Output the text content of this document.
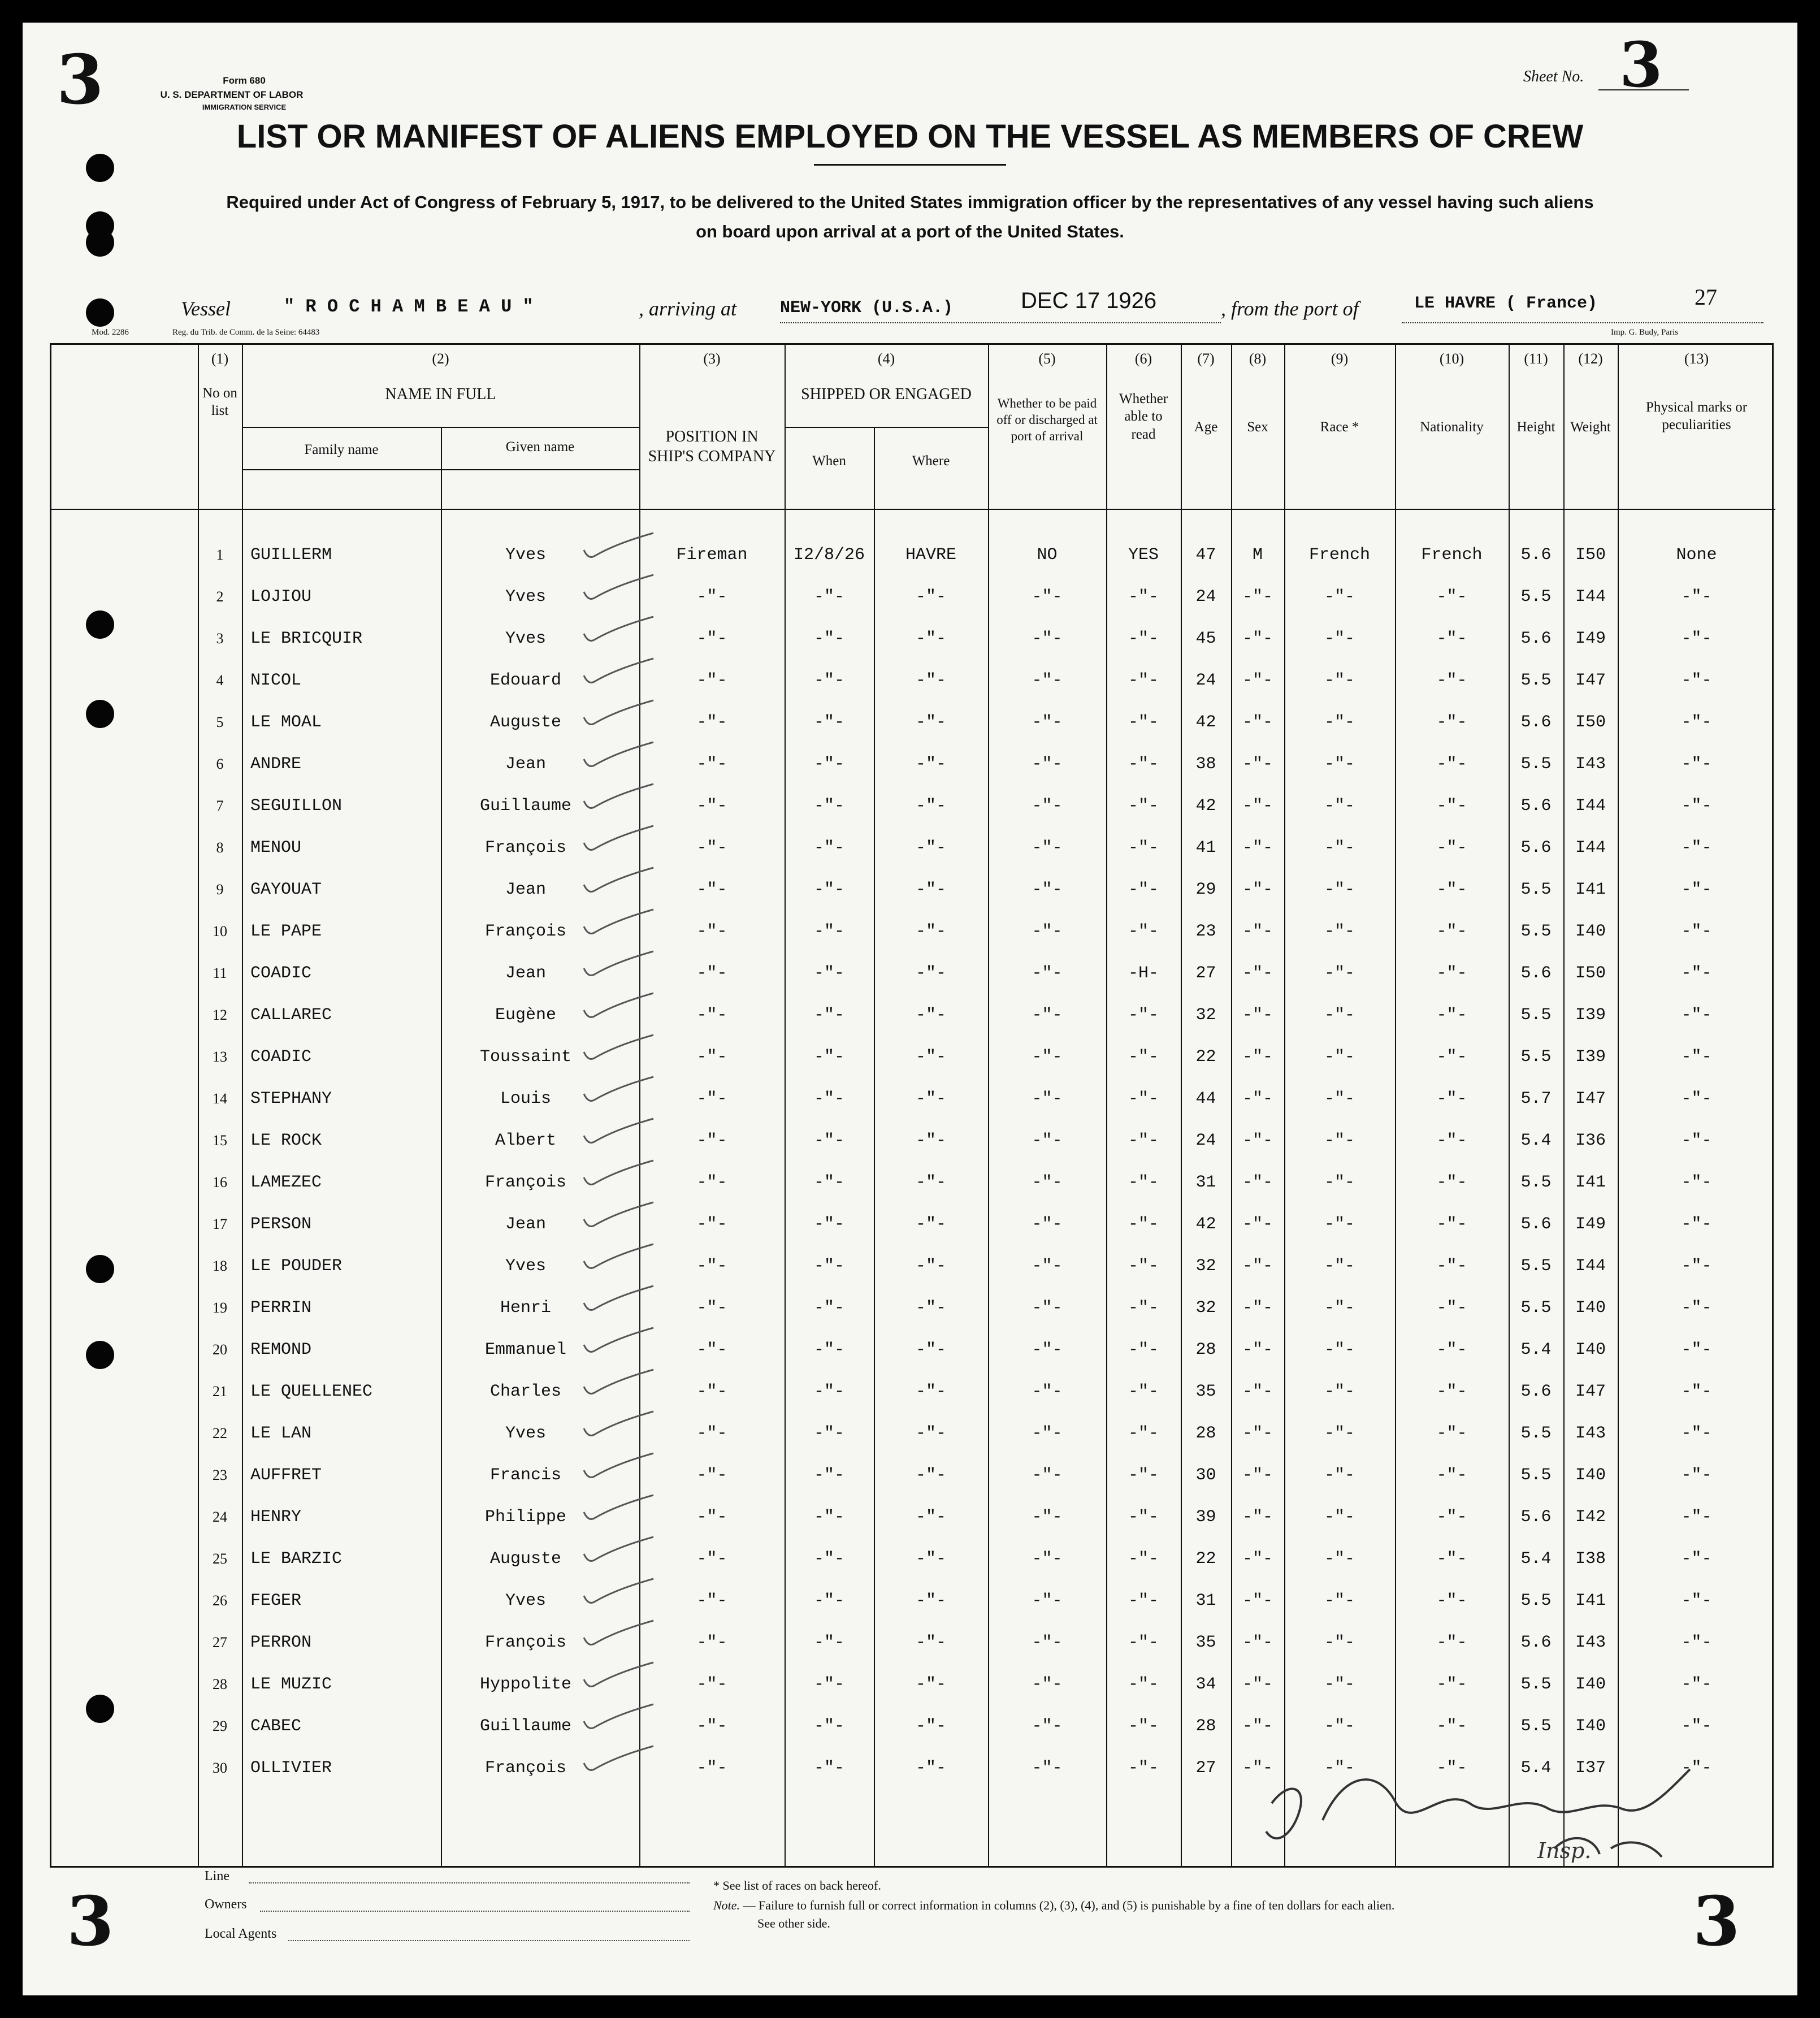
3
3	3
Form 680
U. S. DEPARTMENT OF LABOR
IMMIGRATION SERVICE
Sheet No. 3
LIST OR MANIFEST OF ALIENS EMPLOYED ON THE VESSEL AS MEMBERS OF CREW
Required under Act of Congress of February 5, 1917, to be delivered to the United States immigration officer by the representatives of any vessel having such aliens
on board upon arrival at a port of the United States.
Vessel	" R O C H A M B E A U "	, arriving at	NEW-YORK (U.S.A.)	DEC 17 1926	, from the port of	LE HAVRE ( France)	27
Mod. 2286	Reg. du Trib. de Comm. de la Seine: 64483	Imp. G. Budy, Paris
(1)	(2)	(3)	(4)	(5)	(6)	(7)	(8)	(9)	(10)	(11)	(12)	(13)
No on list
NAME IN FULL
Family name	Given name
POSITION IN SHIP'S COMPANY
SHIPPED OR ENGAGED
When	Where
Whether to be paid off or discharged at port of arrival
Whether able to read	Age	Sex	Race *	Nationality	Height	Weight
Physical marks or peculiarities
1	GUILLERM	Yves	Fireman	I2/8/26	HAVRE	NO	YES	47	M	French	French	5.6	I50	None
2	LOJIOU	Yves	-"-	-"-	-"-	-"-	-"-	24	-"-	-"-	-"-	5.5	I44	-"-
3	LE BRICQUIR	Yves	-"-	-"-	-"-	-"-	-"-	45	-"-	-"-	-"-	5.6	I49	-"-
4	NICOL	Edouard	-"-	-"-	-"-	-"-	-"-	24	-"-	-"-	-"-	5.5	I47	-"-
5	LE MOAL	Auguste	-"-	-"-	-"-	-"-	-"-	42	-"-	-"-	-"-	5.6	I50	-"-
6	ANDRE	Jean	-"-	-"-	-"-	-"-	-"-	38	-"-	-"-	-"-	5.5	I43	-"-
7	SEGUILLON	Guillaume	-"-	-"-	-"-	-"-	-"-	42	-"-	-"-	-"-	5.6	I44	-"-
8	MENOU	François	-"-	-"-	-"-	-"-	-"-	41	-"-	-"-	-"-	5.6	I44	-"-
9	GAYOUAT	Jean	-"-	-"-	-"-	-"-	-"-	29	-"-	-"-	-"-	5.5	I41	-"-
10	LE PAPE	François	-"-	-"-	-"-	-"-	-"-	23	-"-	-"-	-"-	5.5	I40	-"-
11	COADIC	Jean	-"-	-"-	-"-	-"-	-H-	27	-"-	-"-	-"-	5.6	I50	-"-
12	CALLAREC	Eugène	-"-	-"-	-"-	-"-	-"-	32	-"-	-"-	-"-	5.5	I39	-"-
13	COADIC	Toussaint	-"-	-"-	-"-	-"-	-"-	22	-"-	-"-	-"-	5.5	I39	-"-
14	STEPHANY	Louis	-"-	-"-	-"-	-"-	-"-	44	-"-	-"-	-"-	5.7	I47	-"-
15	LE ROCK	Albert	-"-	-"-	-"-	-"-	-"-	24	-"-	-"-	-"-	5.4	I36	-"-
16	LAMEZEC	François	-"-	-"-	-"-	-"-	-"-	31	-"-	-"-	-"-	5.5	I41	-"-
17	PERSON	Jean	-"-	-"-	-"-	-"-	-"-	42	-"-	-"-	-"-	5.6	I49	-"-
18	LE POUDER	Yves	-"-	-"-	-"-	-"-	-"-	32	-"-	-"-	-"-	5.5	I44	-"-
19	PERRIN	Henri	-"-	-"-	-"-	-"-	-"-	32	-"-	-"-	-"-	5.5	I40	-"-
20	REMOND	Emmanuel	-"-	-"-	-"-	-"-	-"-	28	-"-	-"-	-"-	5.4	I40	-"-
21	LE QUELLENEC	Charles	-"-	-"-	-"-	-"-	-"-	35	-"-	-"-	-"-	5.6	I47	-"-
22	LE LAN	Yves	-"-	-"-	-"-	-"-	-"-	28	-"-	-"-	-"-	5.5	I43	-"-
23	AUFFRET	Francis	-"-	-"-	-"-	-"-	-"-	30	-"-	-"-	-"-	5.5	I40	-"-
24	HENRY	Philippe	-"-	-"-	-"-	-"-	-"-	39	-"-	-"-	-"-	5.6	I42	-"-
25	LE BARZIC	Auguste	-"-	-"-	-"-	-"-	-"-	22	-"-	-"-	-"-	5.4	I38	-"-
26	FEGER	Yves	-"-	-"-	-"-	-"-	-"-	31	-"-	-"-	-"-	5.5	I41	-"-
27	PERRON	François	-"-	-"-	-"-	-"-	-"-	35	-"-	-"-	-"-	5.6	I43	-"-
28	LE MUZIC	Hyppolite	-"-	-"-	-"-	-"-	-"-	34	-"-	-"-	-"-	5.5	I40	-"-
29	CABEC	Guillaume	-"-	-"-	-"-	-"-	-"-	28	-"-	-"-	-"-	5.5	I40	-"-
30	OLLIVIER	François	-"-	-"-	-"-	-"-	-"-	27	-"-	-"-	-"-	5.4	I37	-"-
J. Rosenberg Insp.
Line
Owners
Local Agents
* See list of races on back hereof.
Note. — Failure to furnish full or correct information in columns (2), (3), (4), and (5) is punishable by a fine of ten dollars for each alien.
See other side.
